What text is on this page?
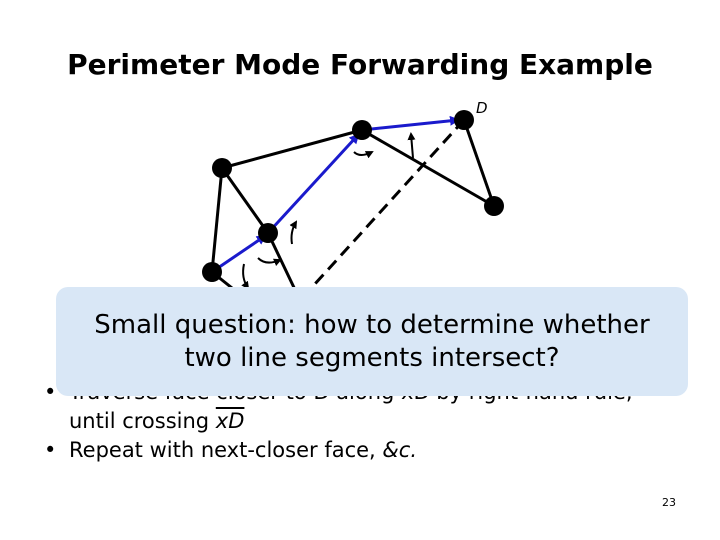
Perimeter Mode Forwarding Example
D

•
until crossing $\overline{xD}$

• Repeat with next-closer face, &c.

Small question: how to determine whether
two line segments intersect?
23
